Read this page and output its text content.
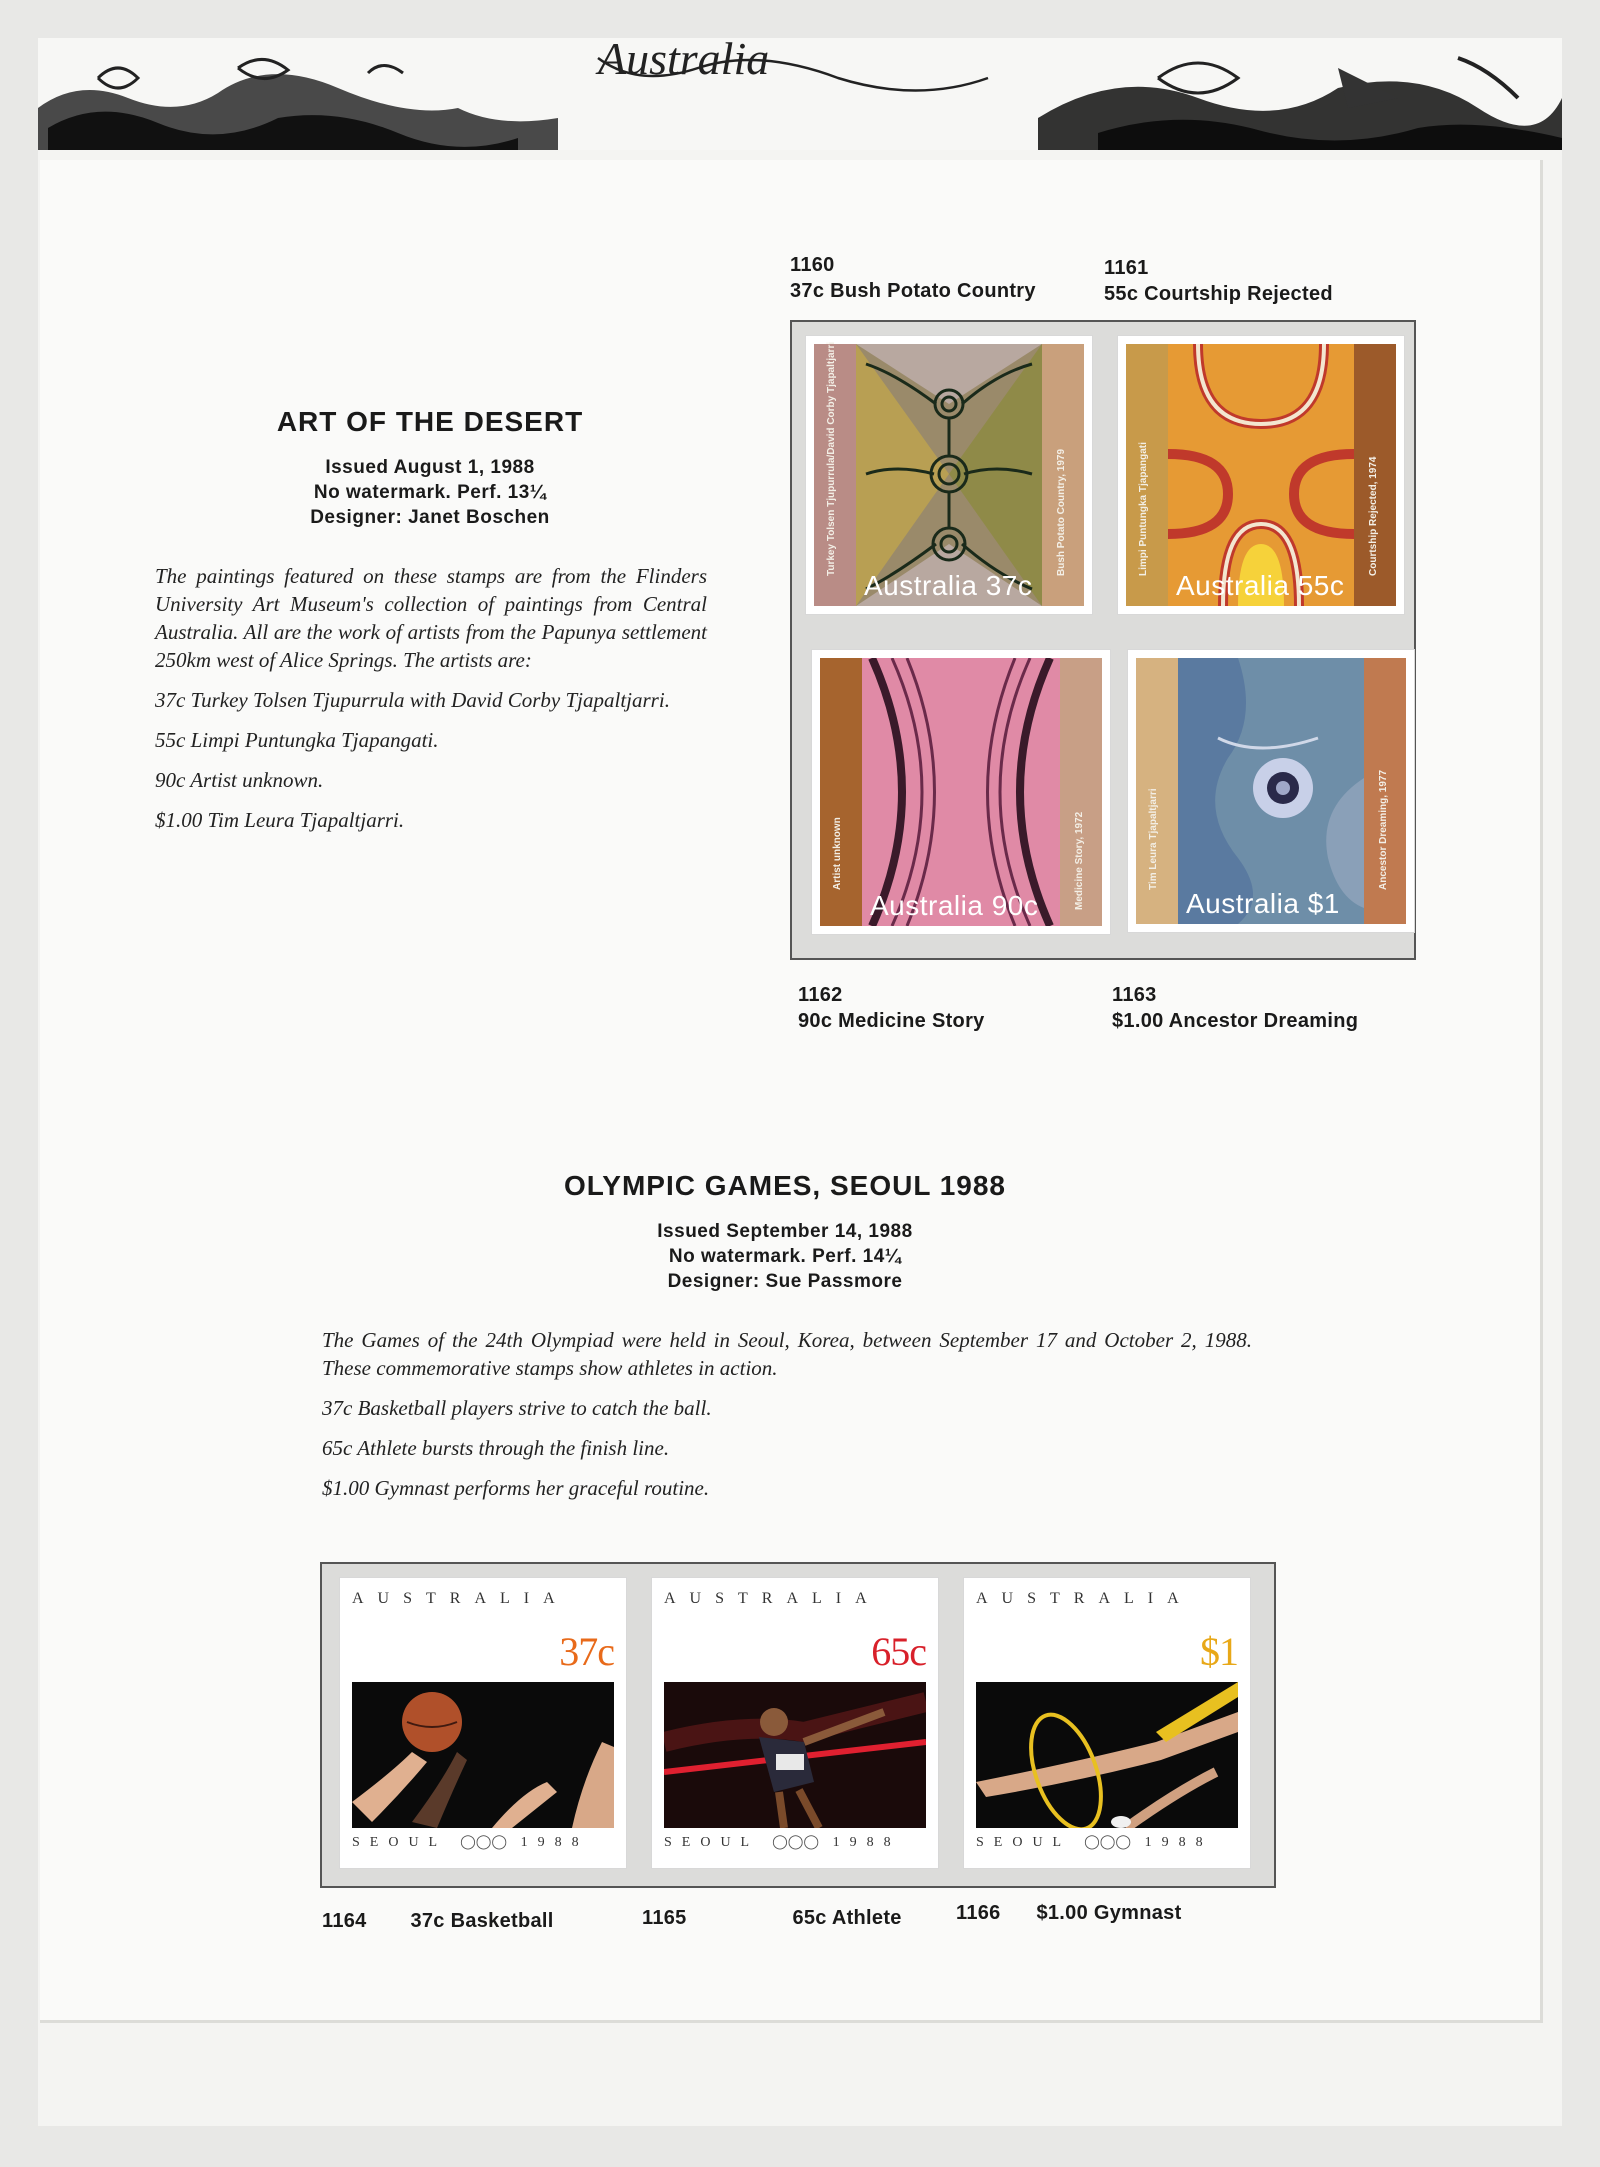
Australia
ART OF THE DESERT
Issued August 1, 1988
No watermark. Perf. 13¼
Designer: Janet Boschen

The paintings featured on these stamps are from the Flinders University Art Museum's collection of paintings from Central Australia. All are the work of artists from the Papunya settlement 250km west of Alice Springs. The artists are:

37c Turkey Tolsen Tjupurrula with David Corby Tjapaltjarri.

55c Limpi Puntungka Tjapangati.

90c Artist unknown.

$1.00 Tim Leura Tjapaltjarri.

1160
37c Bush Potato Country
1161
55c Courtship Rejected
Turkey Tolsen Tjupurrula/David Corby Tjapaltjarri	Bush Potato Country, 1979
Australia 37c
Limpi Puntungka Tjapangati	Courtship Rejected, 1974
Australia 55c
Artist unknown	Medicine Story, 1972
Australia 90c
Tim Leura Tjapaltjarri	Ancestor Dreaming, 1977
Australia $1
1162
90c Medicine Story
1163
$1.00 Ancestor Dreaming
OLYMPIC GAMES, SEOUL 1988
Issued September 14, 1988
No watermark. Perf. 14¼
Designer: Sue Passmore

The Games of the 24th Olympiad were held in Seoul, Korea, between September 17 and October 2, 1988. These commemorative stamps show athletes in action.

37c Basketball players strive to catch the ball.

65c Athlete bursts through the finish line.

$1.00 Gymnast performs her graceful routine.

AUSTRALIA
37c
SEOUL ◯◯◯ 1988
AUSTRALIA
65c
SEOUL ◯◯◯ 1988
AUSTRALIA
$1
SEOUL ◯◯◯ 1988
1164 37c Basketball	1165	65c Athlete	1166 $1.00 Gymnast
